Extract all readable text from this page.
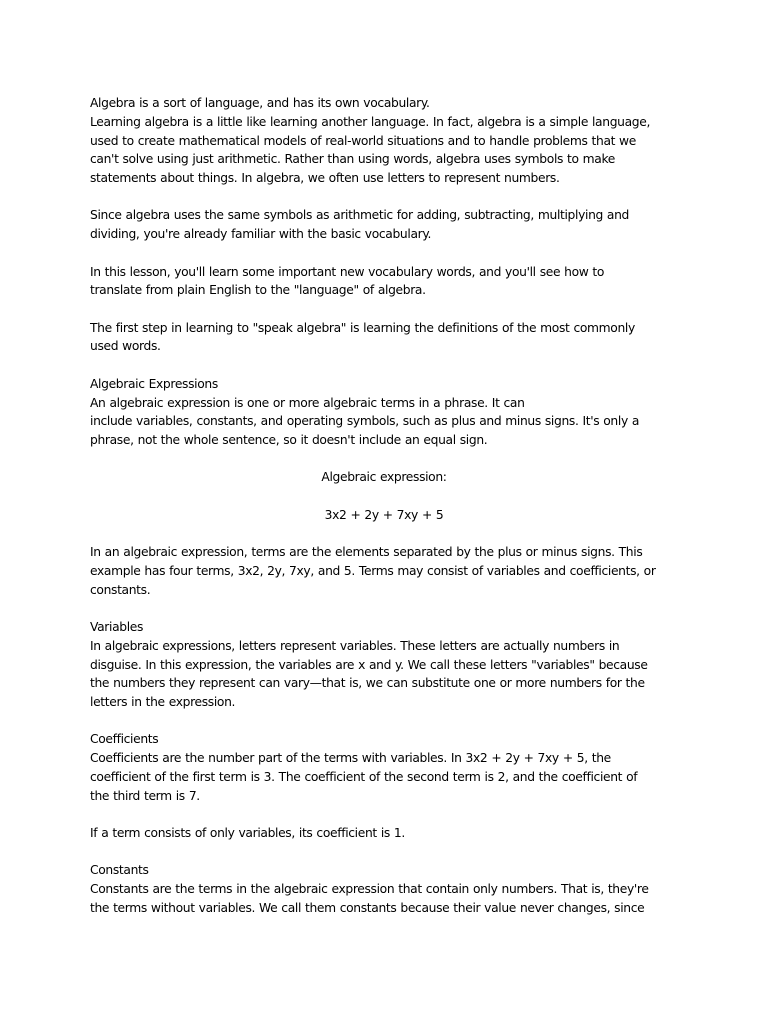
Algebra is a sort of language, and has its own vocabulary.
Learning algebra is a little like learning another language. In fact, algebra is a simple language,
used to create mathematical models of real-world situations and to handle problems that we
can't solve using just arithmetic. Rather than using words, algebra uses symbols to make
statements about things. In algebra, we often use letters to represent numbers.

Since algebra uses the same symbols as arithmetic for adding, subtracting, multiplying and
dividing, you're already familiar with the basic vocabulary.

In this lesson, you'll learn some important new vocabulary words, and you'll see how to
translate from plain English to the "language" of algebra.

The first step in learning to "speak algebra" is learning the definitions of the most commonly
used words.

Algebraic Expressions
An algebraic expression is one or more algebraic terms in a phrase. It can
include variables, constants, and operating symbols, such as plus and minus signs. It's only a
phrase, not the whole sentence, so it doesn't include an equal sign.

Algebraic expression:
3x2 + 2y + 7xy + 5

In an algebraic expression, terms are the elements separated by the plus or minus signs. This
example has four terms, 3x2, 2y, 7xy, and 5. Terms may consist of variables and coefficients, or
constants.

Variables
In algebraic expressions, letters represent variables. These letters are actually numbers in
disguise. In this expression, the variables are x and y. We call these letters "variables" because
the numbers they represent can vary—that is, we can substitute one or more numbers for the
letters in the expression.

Coefficients
Coefficients are the number part of the terms with variables. In 3x2 + 2y + 7xy + 5, the
coefficient of the first term is 3. The coefficient of the second term is 2, and the coefficient of
the third term is 7.

If a term consists of only variables, its coefficient is 1.

Constants
Constants are the terms in the algebraic expression that contain only numbers. That is, they're
the terms without variables. We call them constants because their value never changes, since
